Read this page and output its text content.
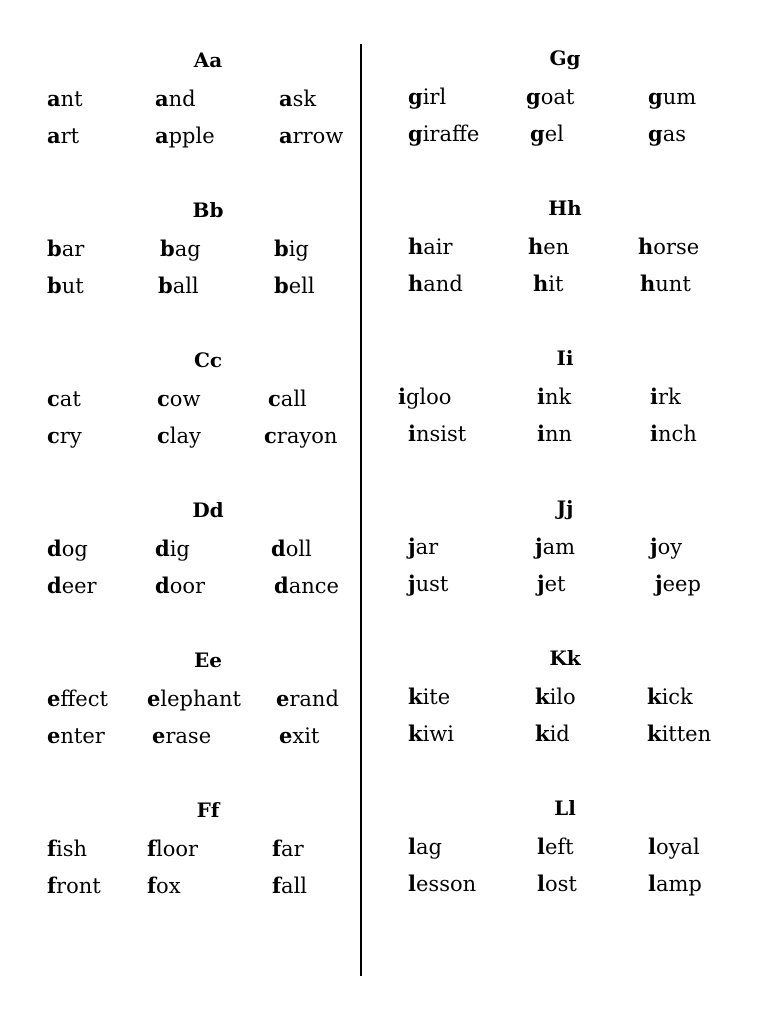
Aa
ant	and	ask
art	apple	arrow
Bb
bar	bag	big
but	ball	bell
Cc
cat	cow	call
cry	clay	crayon
Dd
dog	dig	doll
deer	door	dance
Ee
effect elephant erand
enter erase	exit
Ff
fish	floor	far
front fox	fall
Gg
girl	goat	gum
giraffe gel	gas
Hh
hair	hen	horse
hand	hit	hunt
Ii
igloo	ink	irk
insist	inn	inch
Jj
jar	jam	joy
just	jet	jeep
Kk
kite	kilo	kick
kiwi	kid	kitten
Ll
lag	left	loyal
lesson	lost	lamp
